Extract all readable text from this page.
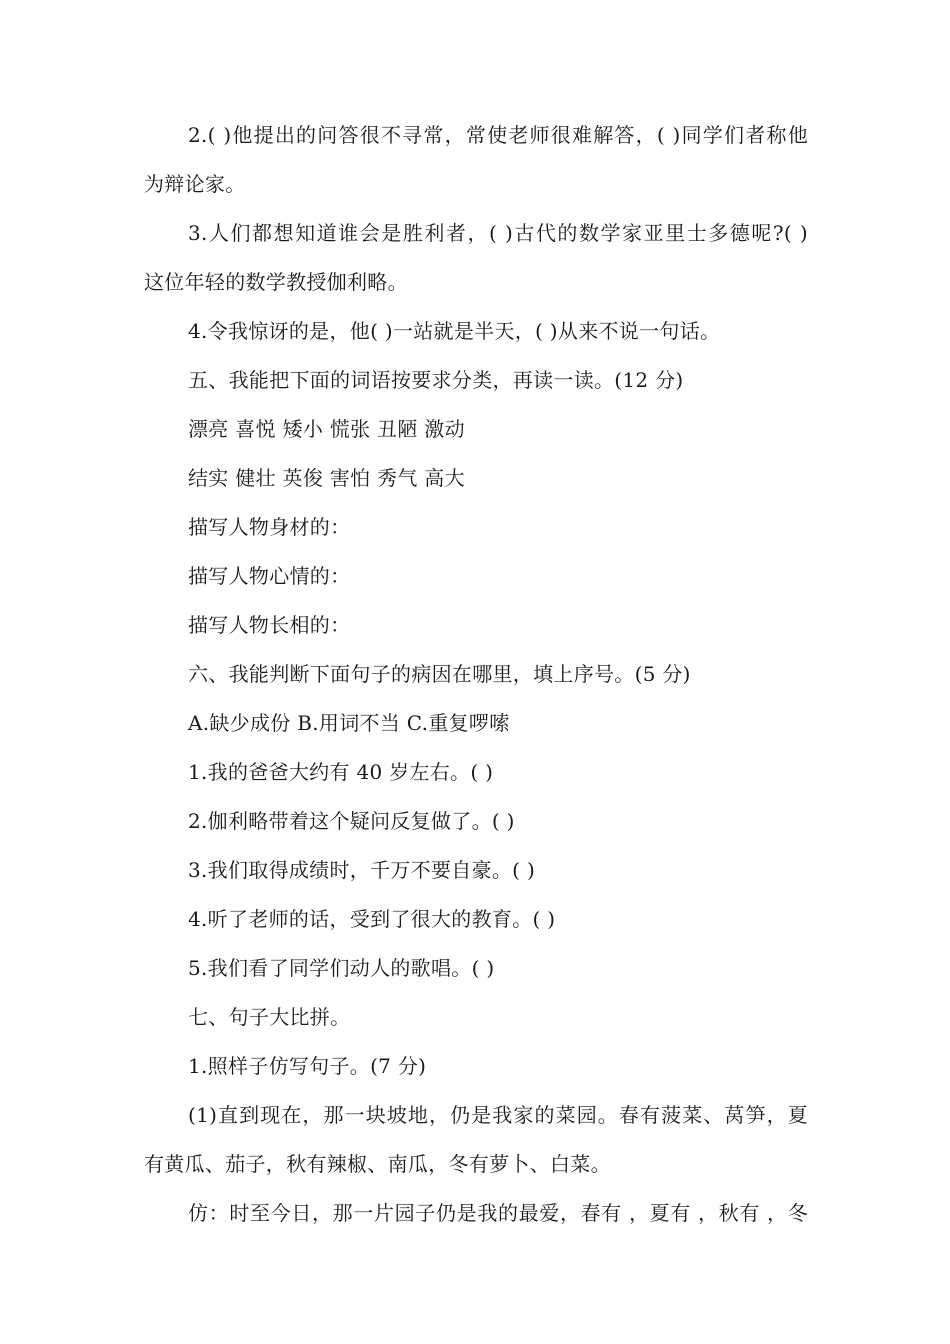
2.( )他提出的问答很不寻常，常使老师很难解答，( )同学们者称他
为辩论家。
3.人们都想知道谁会是胜利者，( )古代的数学家亚里士多德呢?( )
这位年轻的数学教授伽利略。
4.令我惊讶的是，他( )一站就是半天，( )从来不说一句话。
五、我能把下面的词语按要求分类，再读一读。(12 分)
漂亮 喜悦 矮小 慌张 丑陋 激动
结实 健壮 英俊 害怕 秀气 高大
描写人物身材的：
描写人物心情的：
描写人物长相的：
六、我能判断下面句子的病因在哪里，填上序号。(5 分)
A.缺少成份 B.用词不当 C.重复啰嗦
1.我的爸爸大约有 40 岁左右。( )
2.伽利略带着这个疑问反复做了。( )
3.我们取得成绩时，千万不要自豪。( )
4.听了老师的话，受到了很大的教育。( )
5.我们看了同学们动人的歌唱。( )
七、句子大比拼。
1.照样子仿写句子。(7 分)
(1)直到现在，那一块坡地，仍是我家的菜园。春有菠菜、莴笋，夏
有黄瓜、茄子，秋有辣椒、南瓜，冬有萝卜、白菜。
仿：时至今日，那一片园子仍是我的最爱，春有 ，夏有 ，秋有 ，冬
